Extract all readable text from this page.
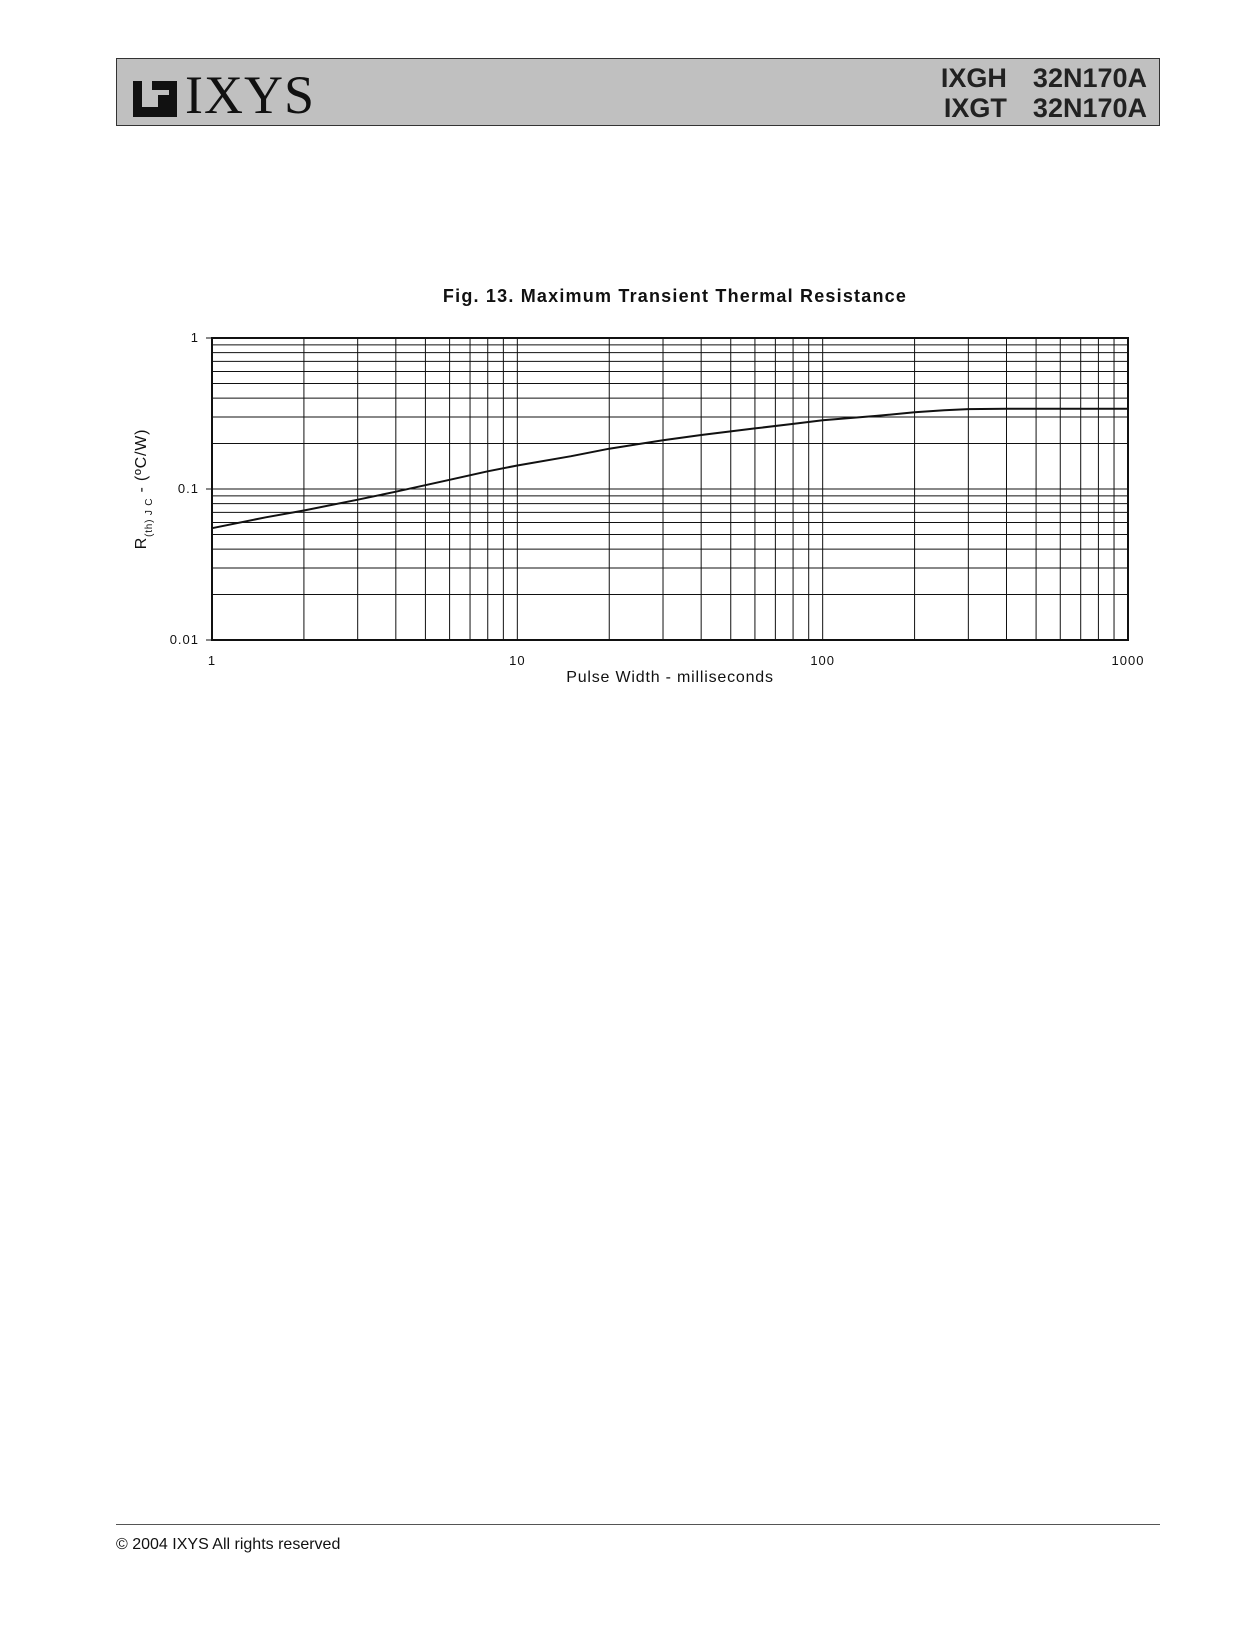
IXYS	IXGH 32N170A
IXGT 32N170A
Fig. 13. Maximum Transient Thermal Resistance
1	10	100	1000
1
0.1
0.01
Pulse Width - milliseconds
$R_{(th) J C}$ - (ºC/W)
© 2004 IXYS All rights reserved
